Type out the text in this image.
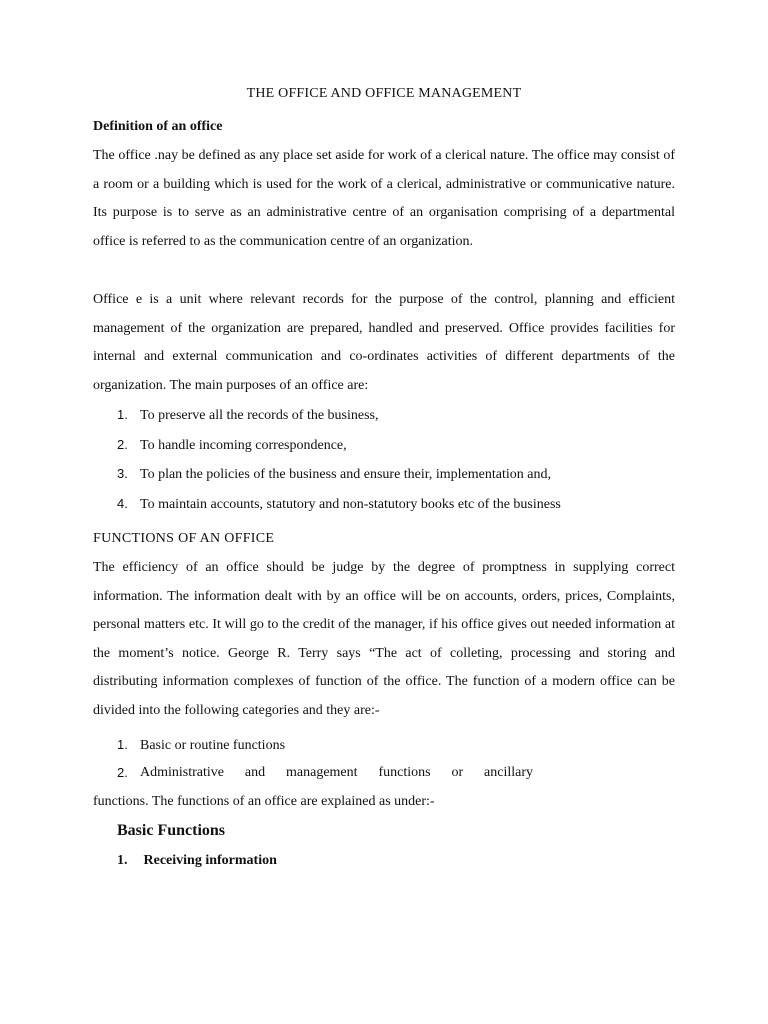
THE OFFICE AND OFFICE MANAGEMENT
Definition of an office

The office .nay be defined as any place set aside for work of a clerical nature. The office may consist of a room or a building which is used for the work of a clerical, administrative or communicative nature. Its purpose is to serve as an administrative centre of an organisation comprising of a departmental office is referred to as the communication centre of an organization.

Office e is a unit where relevant records for the purpose of the control, planning and efficient management of the organization are prepared, handled and preserved. Office provides facilities for internal and external communication and co-ordinates activities of different departments of the organization. The main purposes of an office are:

1. To preserve all the records of the business,
2. To handle incoming correspondence,
3. To plan the policies of the business and ensure their, implementation and,
4. To maintain accounts, statutory and non-statutory books etc of the business
FUNCTIONS OF AN OFFICE

The efficiency of an office should be judge by the degree of promptness in supplying correct information. The information dealt with by an office will be on accounts, orders, prices, Complaints, personal matters etc. It will go to the credit of the manager, if his office gives out needed information at the moment’s notice. George R. Terry says “The act of colleting, processing and storing and distributing information complexes of function of the office. The function of a modern office can be divided into the following categories and they are:-

1. Basic or routine functions
2. Administrative and management functions or ancillary
functions. The functions of an office are explained as under:-
Basic Functions
1. Receiving information
